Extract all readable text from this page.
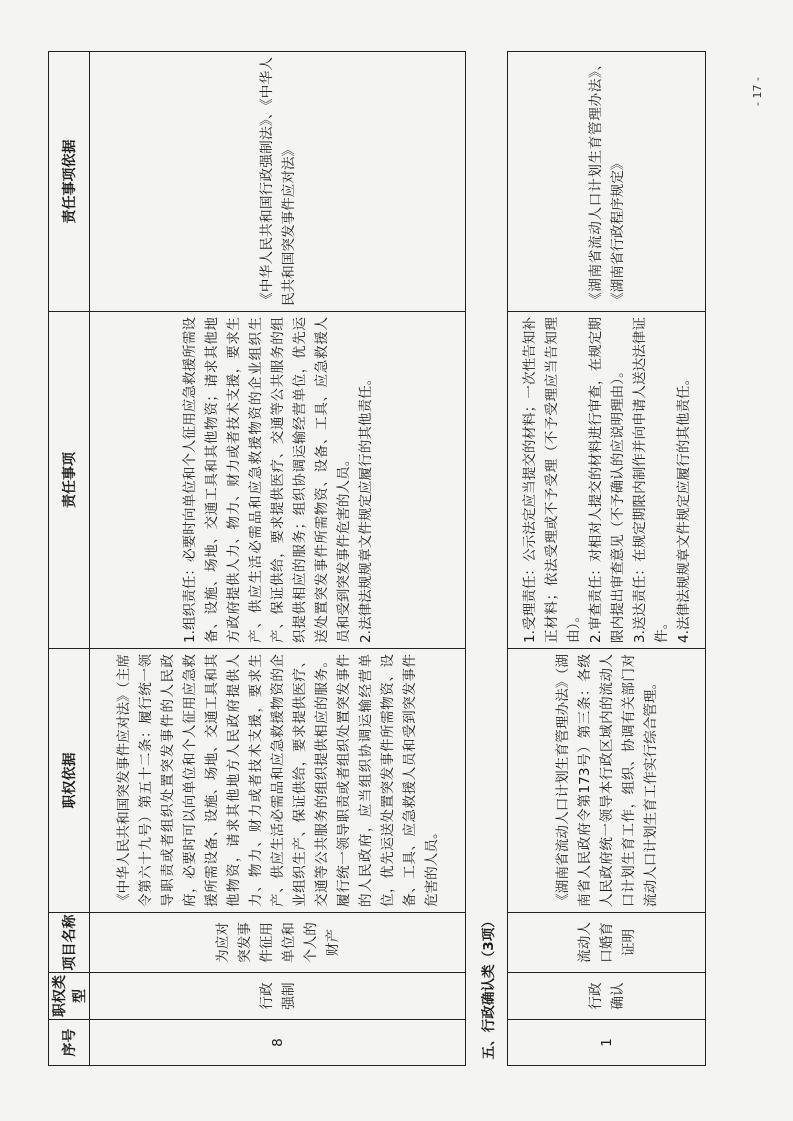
- 17 -
序号	职权类型	项目名称	职权依据	责任事项	责任事项依据
8	行政强制	为应对突发事件征用单位和个人的财产	《中华人民共和国突发事件应对法》（主席令第六十九号）第五十二条：履行统一领导职责或者组织处置突发事件的人民政府，必要时可以向单位和个人征用应急救援所需设备、设施、场地、交通工具和其他物资，请求其他地方人民政府提供人力、物力、财力或者技术支援，要求生产、供应生活必需品和应急救援物资的企业组织生产、保证供给，要求提供医疗、交通等公共服务的组织提供相应的服务。履行统一领导职责或者组织处置突发事件的人民政府，应当组织协调运输经营单位，优先运送处置突发事件所需物资、设备、工具、应急救援人员和受到突发事件危害的人员。	1.组织责任：必要时向单位和个人征用应急救援所需设备、设施、场地、交通工具和其他物资；请求其他地方政府提供人力、物力、财力或者技术支援，要求生产、供应生活必需品和应急救援物资的企业组织生产、保证供给，要求提供医疗、交通等公共服务的组织提供相应的服务；组织协调运输经营单位，优先运送处置突发事件所需物资、设备、工具、应急救援人员和受到突发事件危害的人员。 2.法律法规规章文件规定应履行的其他责任。	《中华人民共和国行政强制法》、《中华人民共和国突发事件应对法》
五、行政确认类（3项）					
1	行政确认	流动人口婚育证明	《湖南省流动人口计划生育管理办法》（湖南省人民政府令第173号）第三条：各级人民政府统一领导本行政区域内的流动人口计划生育工作，组织、协调有关部门对流动人口计划生育工作实行综合管理。	1.受理责任：公示法定应当提交的材料；一次性告知补正材料；依法受理或不予受理（不予受理应当告知理由）。 2.审查责任：对相对人提交的材料进行审查，在规定期限内提出审查意见（不予确认的应说明理由）。 3.送达责任：在规定期限内制作并向申请人送达法律证件。 4.法律法规规章文件规定应履行的其他责任。	《湖南省流动人口计划生育管理办法》、《湖南省行政程序规定》
